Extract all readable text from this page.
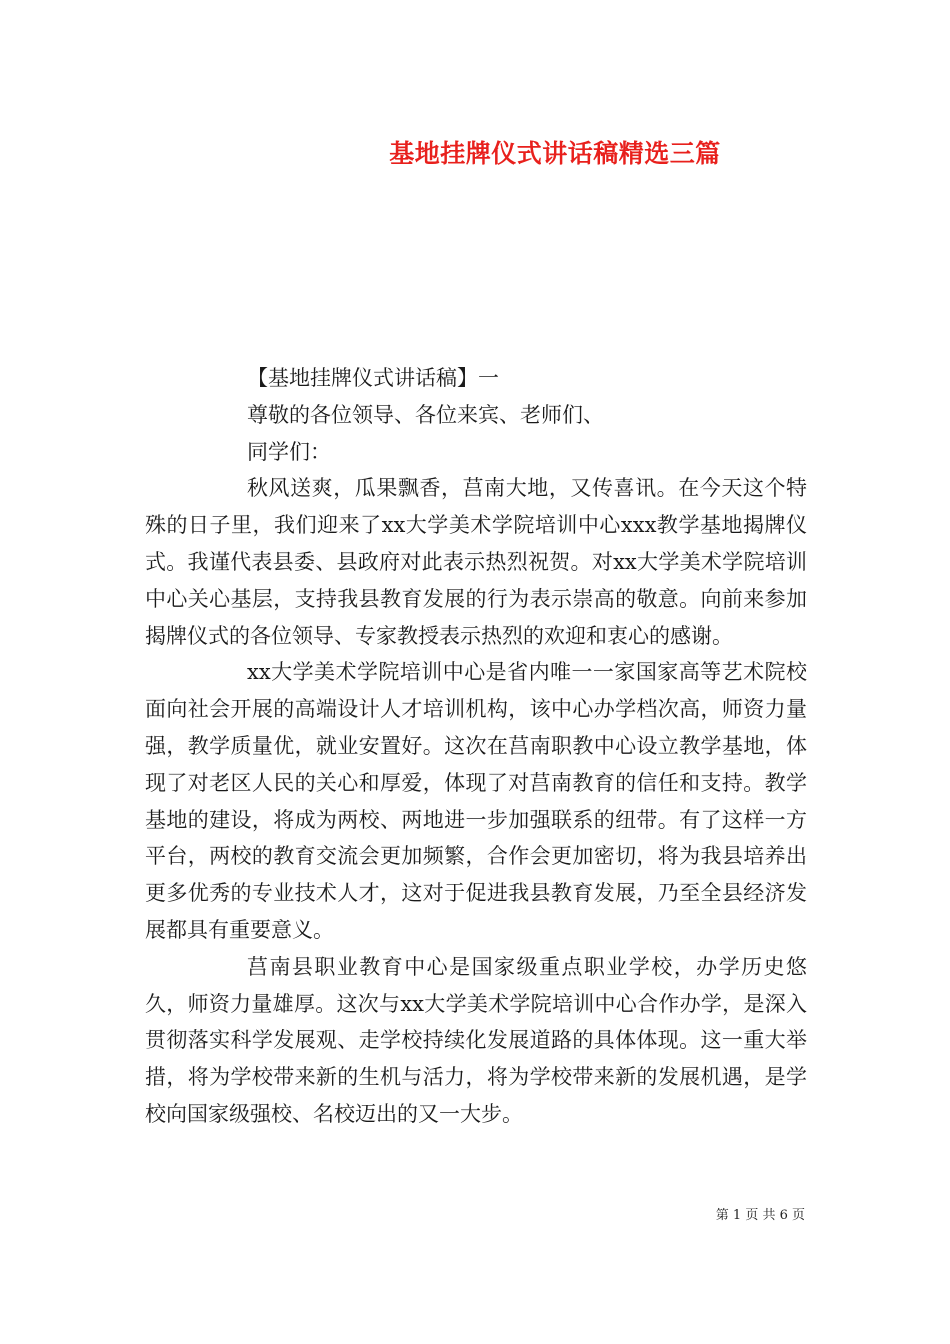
基地挂牌仪式讲话稿精选三篇

【基地挂牌仪式讲话稿】一

尊敬的各位领导、各位来宾、老师们、

同学们：

秋风送爽，瓜果飘香，莒南大地，又传喜讯。在今天这个特殊的日子里，我们迎来了xx大学美术学院培训中心xxx教学基地揭牌仪式。我谨代表县委、县政府对此表示热烈祝贺。对xx大学美术学院培训中心关心基层，支持我县教育发展的行为表示崇高的敬意。向前来参加揭牌仪式的各位领导、专家教授表示热烈的欢迎和衷心的感谢。

xx大学美术学院培训中心是省内唯一一家国家高等艺术院校面向社会开展的高端设计人才培训机构，该中心办学档次高，师资力量强，教学质量优，就业安置好。这次在莒南职教中心设立教学基地，体现了对老区人民的关心和厚爱，体现了对莒南教育的信任和支持。教学基地的建设，将成为两校、两地进一步加强联系的纽带。有了这样一方平台，两校的教育交流会更加频繁，合作会更加密切，将为我县培养出更多优秀的专业技术人才，这对于促进我县教育发展，乃至全县经济发展都具有重要意义。

莒南县职业教育中心是国家级重点职业学校，办学历史悠久，师资力量雄厚。这次与xx大学美术学院培训中心合作办学，是深入贯彻落实科学发展观、走学校持续化发展道路的具体体现。这一重大举措，将为学校带来新的生机与活力，将为学校带来新的发展机遇，是学校向国家级强校、名校迈出的又一大步。

第 1 页 共 6 页
